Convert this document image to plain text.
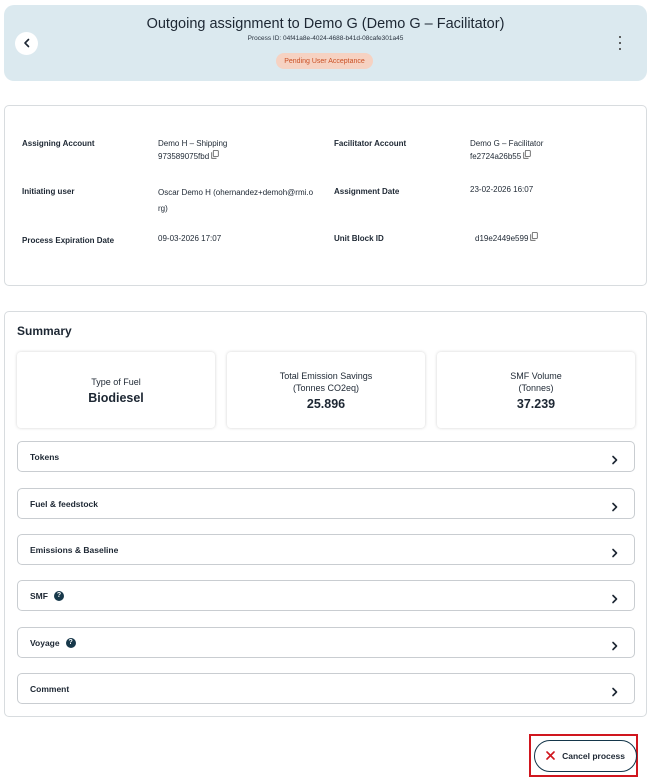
Outgoing assignment to Demo G (Demo G – Facilitator)
Process ID: 04f41a8e-4024-4688-b41d-08cafe301a45
Pending User Acceptance
Assigning Account	Demo H – Shipping
973589075fbd
Facilitator Account	Demo G – Facilitator
fe2724a26b55
Initiating user	Oscar Demo H (ohernandez+demoh@rmi.o
rg)
Assignment Date	23-02-2026 16:07
Process Expiration Date	09-03-2026 17:07	Unit Block ID	d19e2449e599
Summary
Type of Fuel
Biodiesel
Total Emission Savings
(Tonnes CO2eq)
25.896
SMF Volume
(Tonnes)
37.239
Tokens
Fuel & feedstock
Emissions & Baseline
SMF	?
Voyage	?
Comment
Cancel process
